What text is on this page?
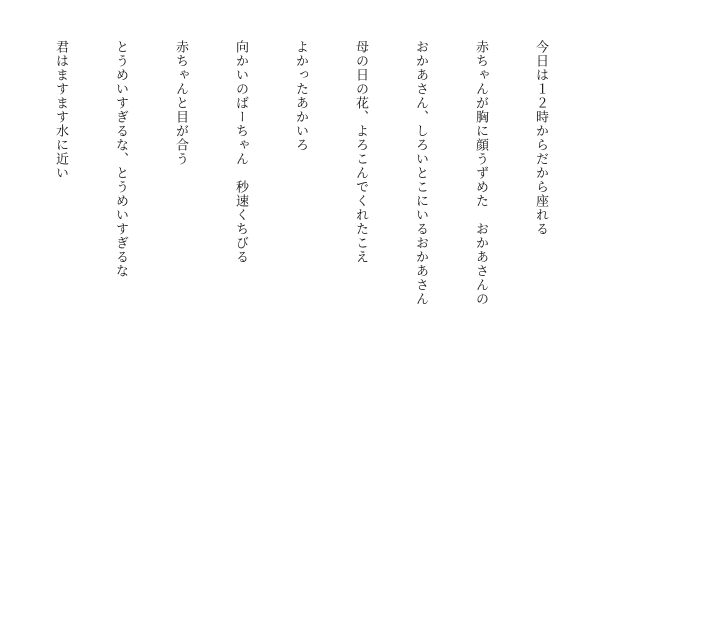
今日は１２時からだから座れる

赤ちゃんが胸に顔うずめた　おかあさんの

おかあさん、しろいとこにいるおかあさん

母の日の花、よろこんでくれたこえ

よかったあかいろ

向かいのばーちゃん　秒速くちびる

赤ちゃんと目が合う

とうめいすぎるな、とうめいすぎるな

君はますます水に近い
